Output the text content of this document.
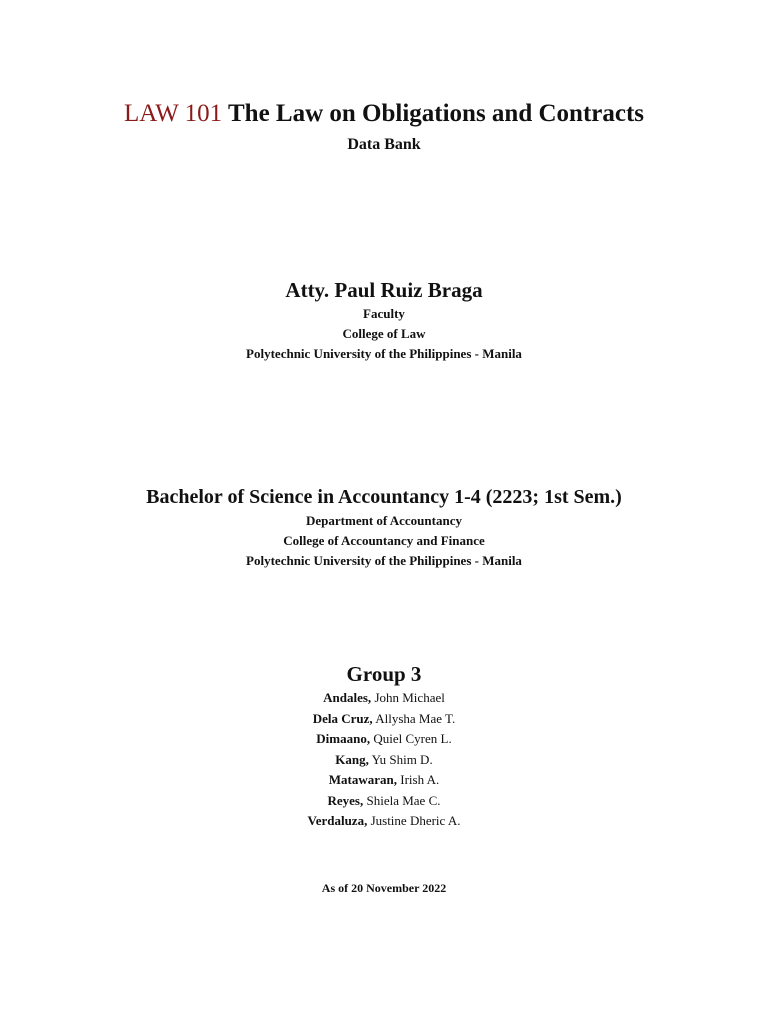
LAW 101 The Law on Obligations and Contracts
Data Bank
Atty. Paul Ruiz Braga
Faculty
College of Law
Polytechnic University of the Philippines - Manila
Bachelor of Science in Accountancy 1-4 (2223; 1st Sem.)
Department of Accountancy
College of Accountancy and Finance
Polytechnic University of the Philippines - Manila
Group 3
Andales, John Michael
Dela Cruz, Allysha Mae T.
Dimaano, Quiel Cyren L.
Kang, Yu Shim D.
Matawaran, Irish A.
Reyes, Shiela Mae C.
Verdaluza, Justine Dheric A.
As of 20 November 2022
